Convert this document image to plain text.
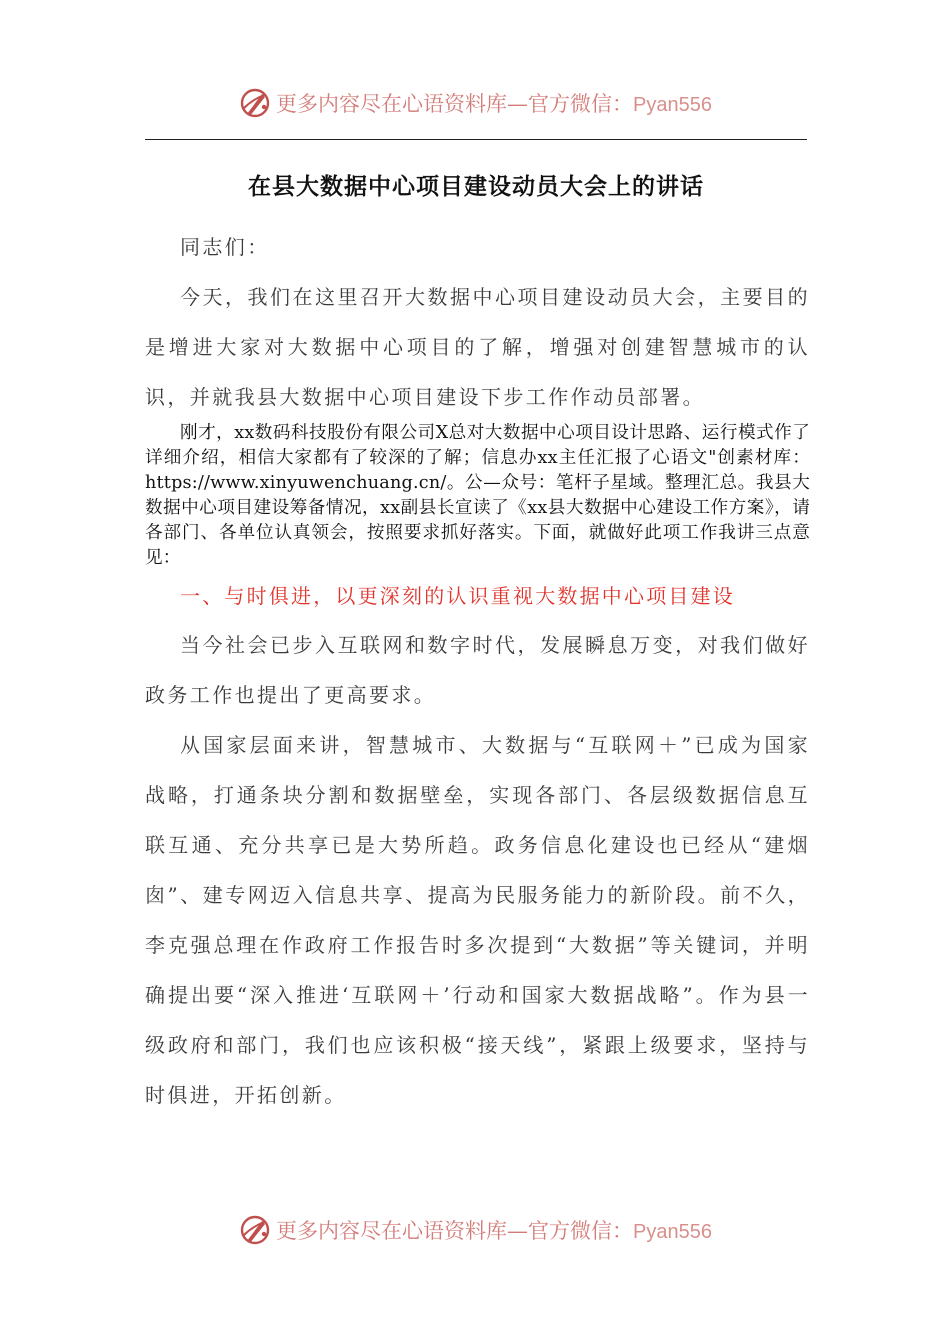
更多内容尽在心语资料库—官方微信：Pyan556
在县大数据中心项目建设动员大会上的讲话

同志们：

今天，我们在这里召开大数据中心项目建设动员大会，主要目的是增进大家对大数据中心项目的了解，增强对创建智慧城市的认识，并就我县大数据中心项目建设下步工作作动员部署。

刚才，xx数码科技股份有限公司X总对大数据中心项目设计思路、运行模式作了详细介绍，相信大家都有了较深的了解；信息办xx主任汇报了心语文"创素材库：https://www.xinyuwenchuang.cn/。公—众号：笔杆子星域。整理汇总。我县大数据中心项目建设筹备情况，xx副县长宣读了《xx县大数据中心建设工作方案》，请各部门、各单位认真领会，按照要求抓好落实。下面，就做好此项工作我讲三点意见：

一、与时俱进，以更深刻的认识重视大数据中心项目建设

当今社会已步入互联网和数字时代，发展瞬息万变，对我们做好政务工作也提出了更高要求。

从国家层面来讲，智慧城市、大数据与“互联网＋”已成为国家战略，打通条块分割和数据壁垒，实现各部门、各层级数据信息互联互通、充分共享已是大势所趋。政务信息化建设也已经从“建烟囱”、建专网迈入信息共享、提高为民服务能力的新阶段。前不久，李克强总理在作政府工作报告时多次提到“大数据”等关键词，并明确提出要“深入推进‘互联网＋’行动和国家大数据战略”。作为县一级政府和部门，我们也应该积极“接天线”，紧跟上级要求，坚持与时俱进，开拓创新。

更多内容尽在心语资料库—官方微信：Pyan556
